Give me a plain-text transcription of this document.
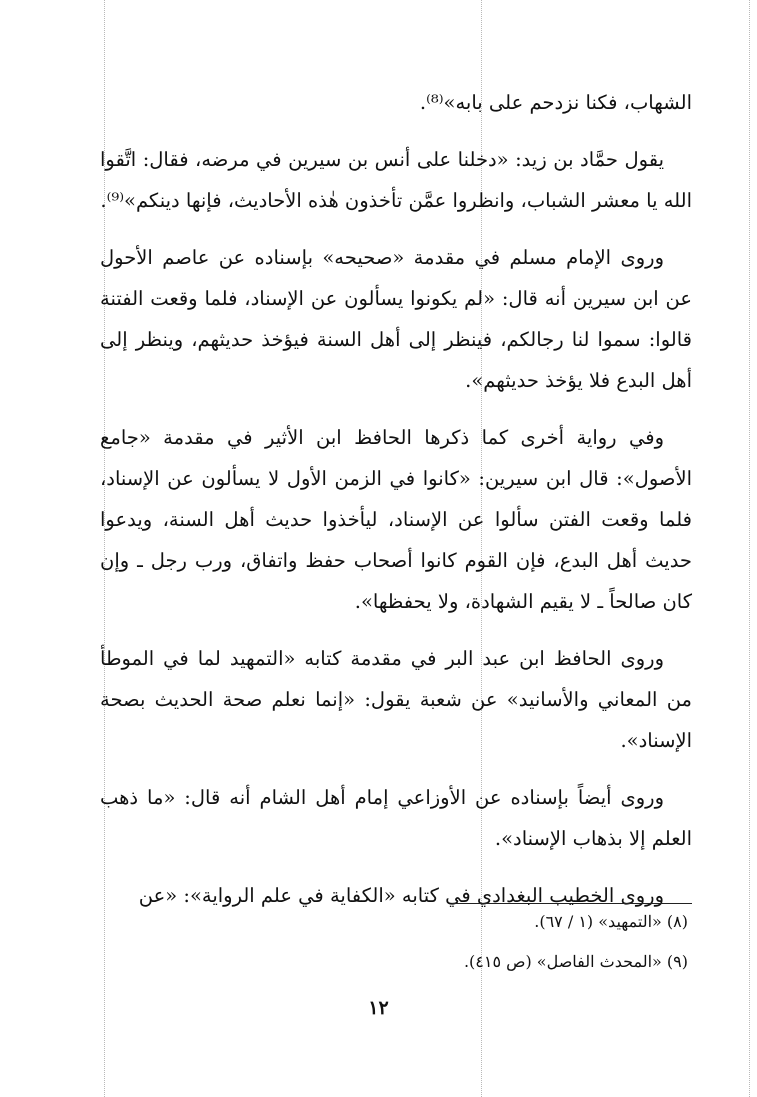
الشهاب، فكنا نزدحم على بابه»⁽⁸⁾.

يقول حمَّاد بن زيد: «دخلنا على أنس بن سيرين في مرضه، فقال: اتَّقوا الله يا معشر الشباب، وانظروا عمَّن تأخذون هٰذه الأحاديث، فإنها دينكم»⁽⁹⁾.

وروى الإمام مسلم في مقدمة «صحيحه» بإسناده عن عاصم الأحول عن ابن سيرين أنه قال: «لم يكونوا يسألون عن الإسناد، فلما وقعت الفتنة قالوا: سموا لنا رجالكم، فينظر إلى أهل السنة فيؤخذ حديثهم، وينظر إلى أهل البدع فلا يؤخذ حديثهم».

وفي رواية أخرى كما ذكرها الحافظ ابن الأثير في مقدمة «جامع الأصول»: قال ابن سيرين: «كانوا في الزمن الأول لا يسألون عن الإسناد، فلما وقعت الفتن سألوا عن الإسناد، ليأخذوا حديث أهل السنة، ويدعوا حديث أهل البدع، فإن القوم كانوا أصحاب حفظ واتفاق، ورب رجل ـ وإن كان صالحاً ـ لا يقيم الشهادة، ولا يحفظها».

وروى الحافظ ابن عبد البر في مقدمة كتابه «التمهيد لما في الموطأ من المعاني والأسانيد» عن شعبة يقول: «إنما نعلم صحة الحديث بصحة الإسناد».

وروى أيضاً بإسناده عن الأوزاعي إمام أهل الشام أنه قال: «ما ذهب العلم إلا بذهاب الإسناد».

وروى الخطيب البغدادي في كتابه «الكفاية في علم الرواية»: «عن

(٨) «التمهيد» (١ / ٦٧).
(٩) «المحدث الفاصل» (ص ٤١٥).
١٢
